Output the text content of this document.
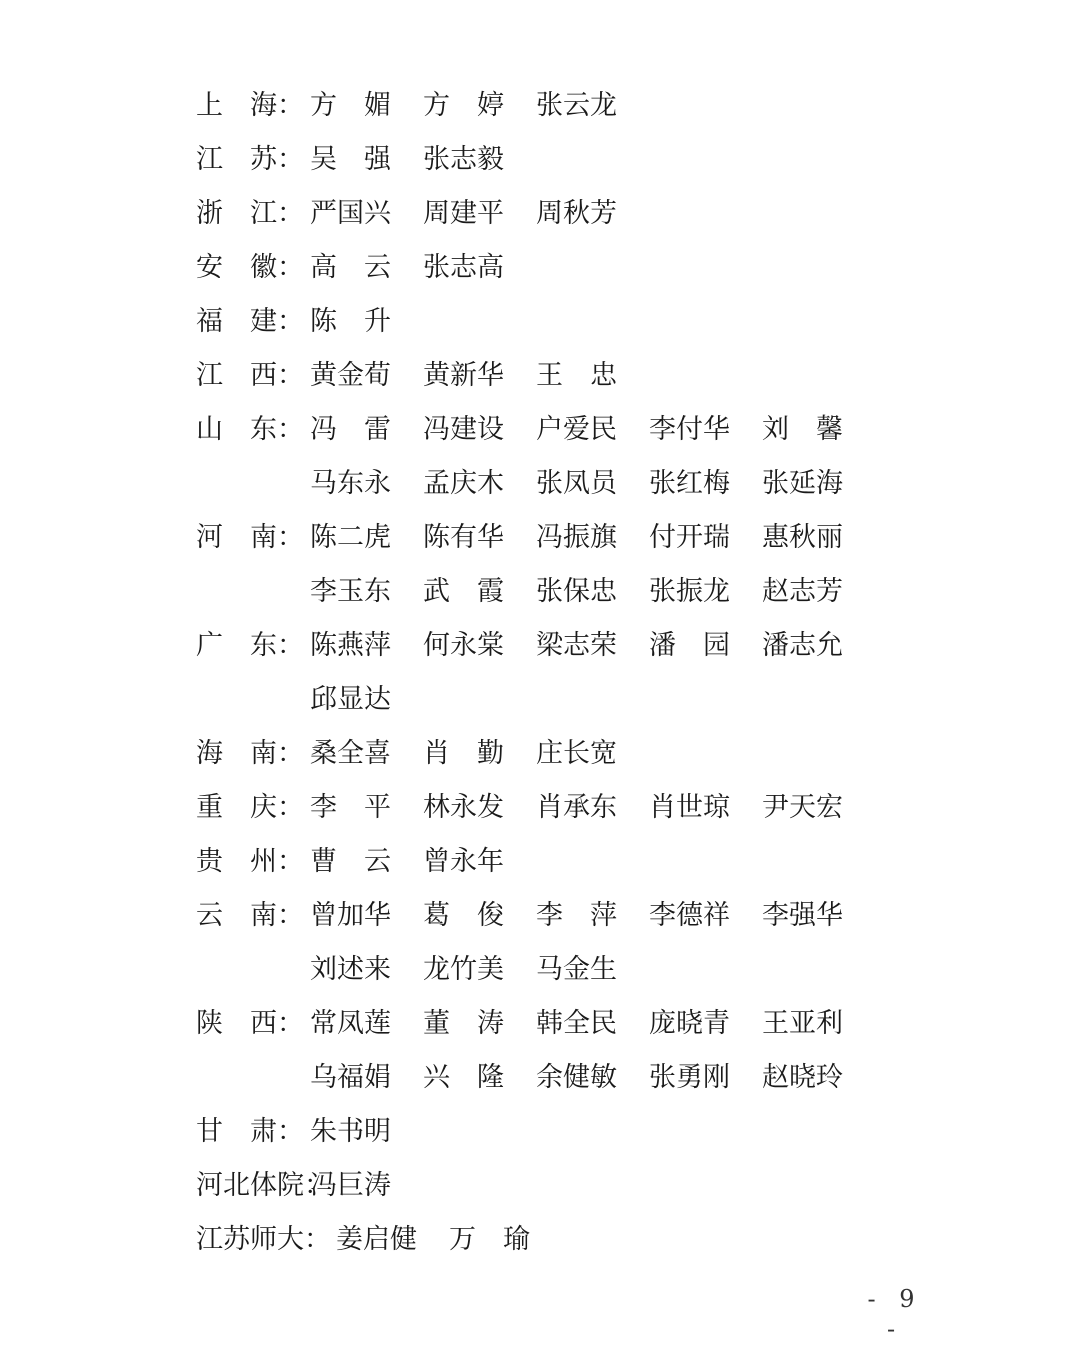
上　海： 方　媚 方　婷 张云龙
江　苏： 吴　强 张志毅
浙　江： 严国兴 周建平 周秋芳
安　徽： 高　云 张志高
福　建： 陈　升
江　西： 黄金荀 黄新华 王　忠
山　东： 冯　雷 冯建设 户爱民 李付华 刘　馨
马东永 孟庆木 张凤员 张红梅 张延海
河　南： 陈二虎 陈有华 冯振旗 付开瑞 惠秋丽
李玉东 武　霞 张保忠 张振龙 赵志芳
广　东： 陈燕萍 何永棠 梁志荣 潘　园 潘志允
邱显达
海　南： 桑全喜 肖　勤 庄长宽
重　庆： 李　平 林永发 肖承东 肖世琼 尹天宏
贵　州： 曹　云 曾永年
云　南： 曾加华 葛　俊 李　萍 李德祥 李强华
刘述来 龙竹美 马金生
陕　西： 常凤莲 董　涛 韩全民 庞晓青 王亚利
乌福娟 兴　隆 余健敏 张勇刚 赵晓玲
甘　肃： 朱书明
河北体院：
冯巨涛
江苏师大： 姜启健 万　瑜
- 9 -
